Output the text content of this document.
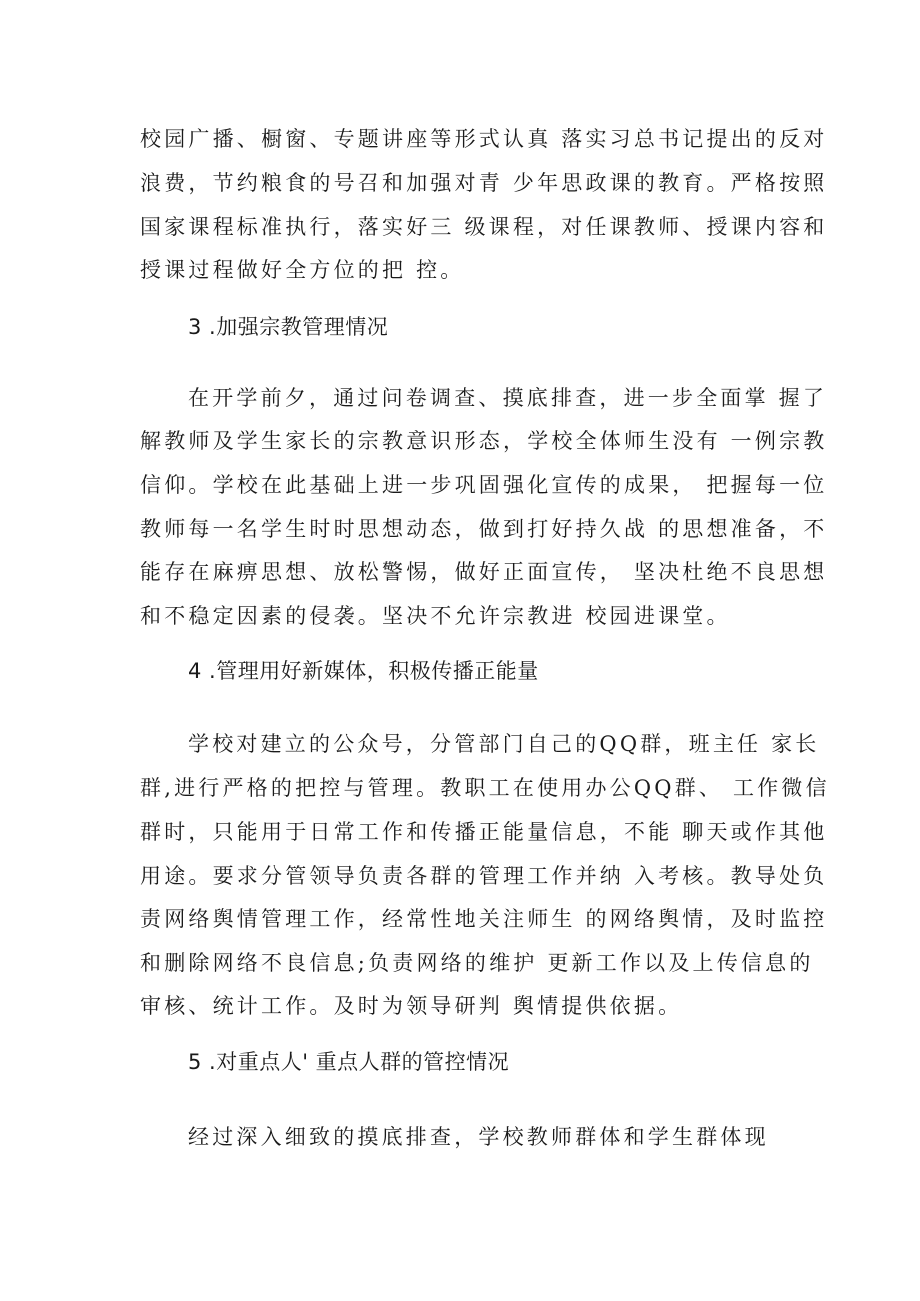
校园广播、橱窗、专题讲座等形式认真 落实习总书记提出的反对
浪费，节约粮食的号召和加强对青 少年思政课的教育。严格按照
国家课程标准执行，落实好三 级课程，对任课教师、授课内容和
授课过程做好全方位的把 控。
3 .加强宗教管理情况
在开学前夕，通过问卷调查、摸底排查，进一步全面掌 握了
解教师及学生家长的宗教意识形态，学校全体师生没有 一例宗教
信仰。学校在此基础上进一步巩固强化宣传的成果， 把握每一位
教师每一名学生时时思想动态，做到打好持久战 的思想准备，不
能存在麻痹思想、放松警惕，做好正面宣传， 坚决杜绝不良思想
和不稳定因素的侵袭。坚决不允许宗教进 校园进课堂。
4 .管理用好新媒体，积极传播正能量
学校对建立的公众号，分管部门自己的QQ群，班主任 家长
群,进行严格的把控与管理。教职工在使用办公QQ群、 工作微信
群时，只能用于日常工作和传播正能量信息，不能 聊天或作其他
用途。要求分管领导负责各群的管理工作并纳 入考核。教导处负
责网络舆情管理工作，经常性地关注师生 的网络舆情，及时监控
和删除网络不良信息;负责网络的维护 更新工作以及上传信息的
审核、统计工作。及时为领导研判 舆情提供依据。
5 .对重点人' 重点人群的管控情况
经过深入细致的摸底排查，学校教师群体和学生群体现
